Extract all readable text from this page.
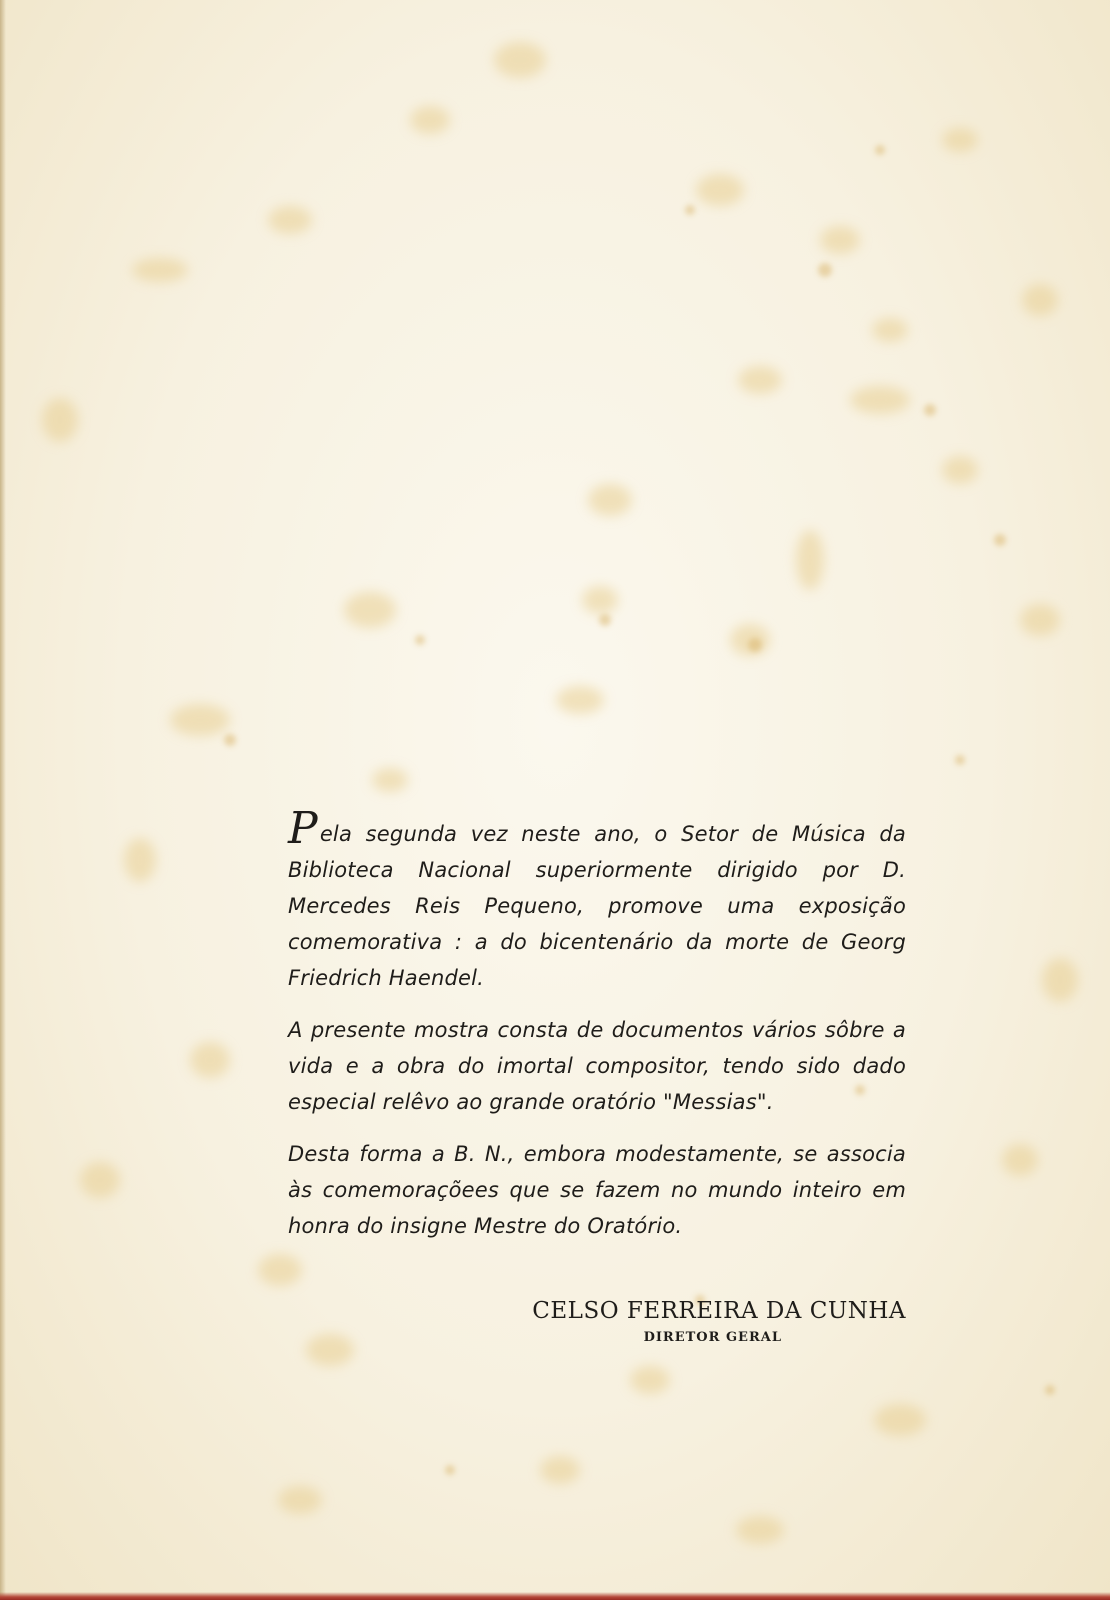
Pela segunda vez neste ano, o Setor de Música da Biblioteca Nacional superiormente dirigido por D. Mercedes Reis Pequeno, promove uma exposição comemorativa : a do bicentenário da morte de Georg Friedrich Haendel.

A presente mostra consta de documentos vários sôbre a vida e a obra do imortal compositor, tendo sido dado especial relêvo ao grande oratório "Messias".

Desta forma a B. N., embora modestamente, se associa às comemoraçõees que se fazem no mundo inteiro em honra do insigne Mestre do Oratório.

CELSO FERREIRA DA CUNHA
DIRETOR GERAL
